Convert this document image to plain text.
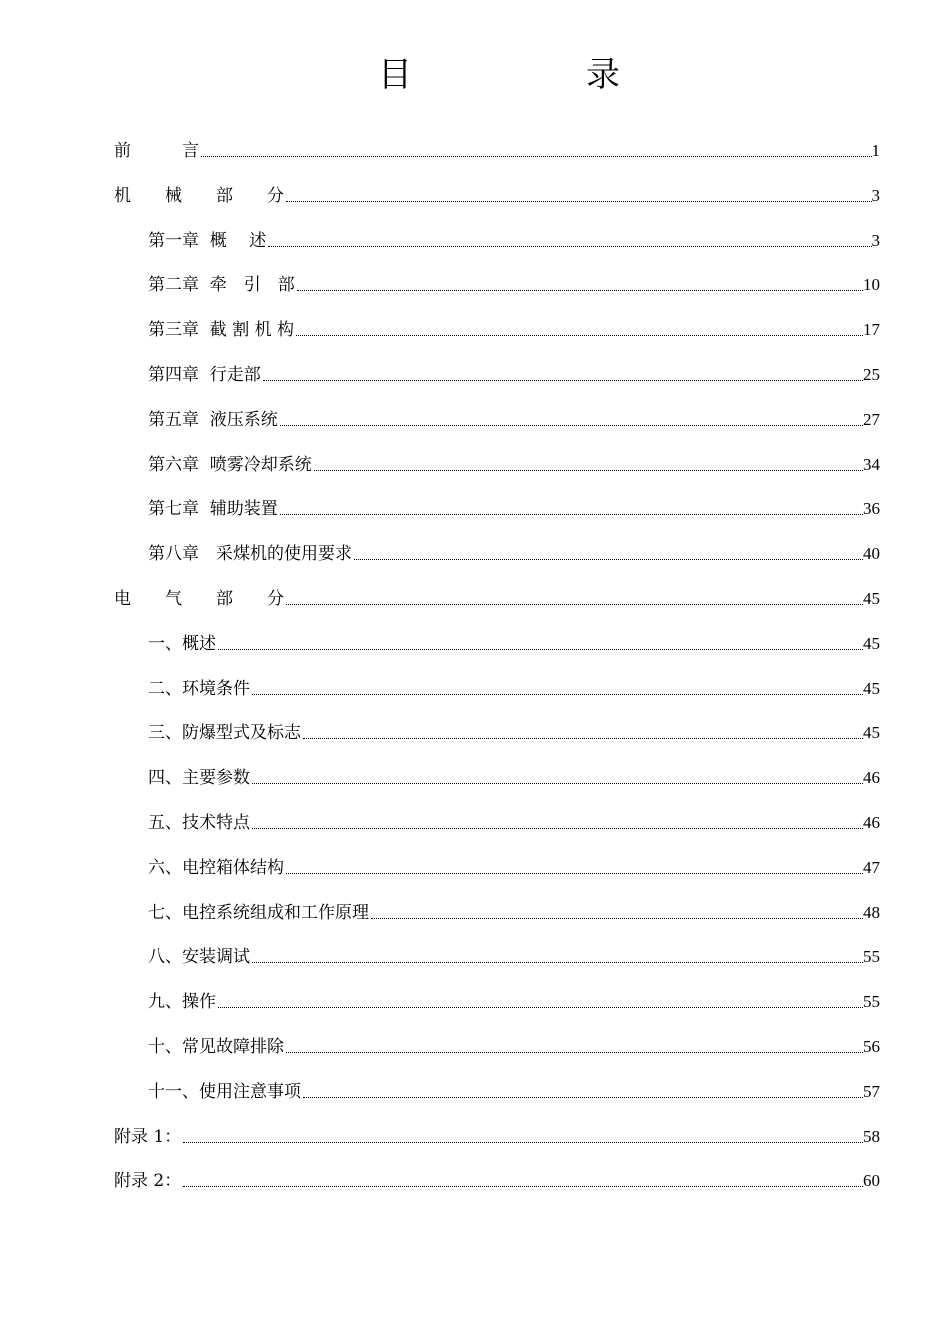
目	录
前　　　言	1
机　　械　　部　　分	3
第一章  概　 述	3
第二章  牵　引　部	10
第三章  截 割 机 构	17
第四章  行走部	25
第五章  液压系统	27
第六章  喷雾冷却系统	34
第七章  辅助装置	36
第八章　采煤机的使用要求	40
电　　气　　部　　分	45
一、概述	45
二、环境条件	45
三、防爆型式及标志	45
四、主要参数	46
五、技术特点	46
六、电控箱体结构	47
七、电控系统组成和工作原理	48
八、安装调试	55
九、操作	55
十、常见故障排除	56
十一、使用注意事项	57
附录 1：	58
附录 2：	60
